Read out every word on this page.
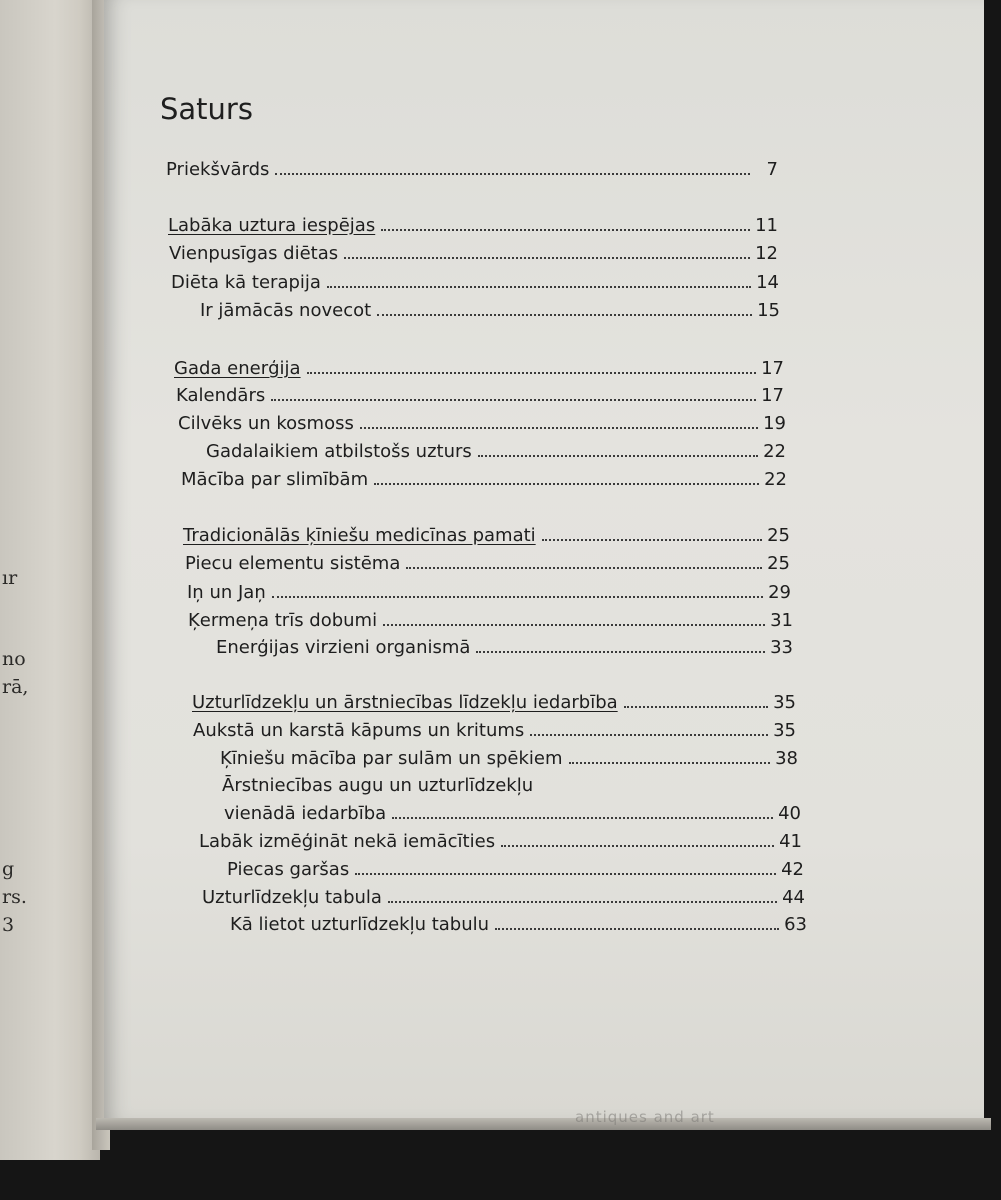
ır
no
rā,
g
rs.
3
antiques and art
Saturs
Priekšvārds	7
Labāka uztura iespējas	11
Vienpusīgas diētas	12
Diēta kā terapija	14
Ir jāmācās novecot	15
Gada enerģija	17
Kalendārs	17
Cilvēks un kosmoss	19
Gadalaikiem atbilstošs uzturs	22
Mācība par slimībām	22
Tradicionālās ķīniešu medicīnas pamati	25
Piecu elementu sistēma	25
Iņ un Jaņ	29
Ķermeņa trīs dobumi	31
Enerģijas virzieni organismā	33
Uzturlīdzekļu un ārstniecības līdzekļu iedarbība	35
Aukstā un karstā kāpums un kritums	35
Ķīniešu mācība par sulām un spēkiem	38
Ārstniecības augu un uzturlīdzekļu
vienādā iedarbība	40
Labāk izmēģināt nekā iemācīties	41
Piecas garšas	42
Uzturlīdzekļu tabula	44
Kā lietot uzturlīdzekļu tabulu	63
